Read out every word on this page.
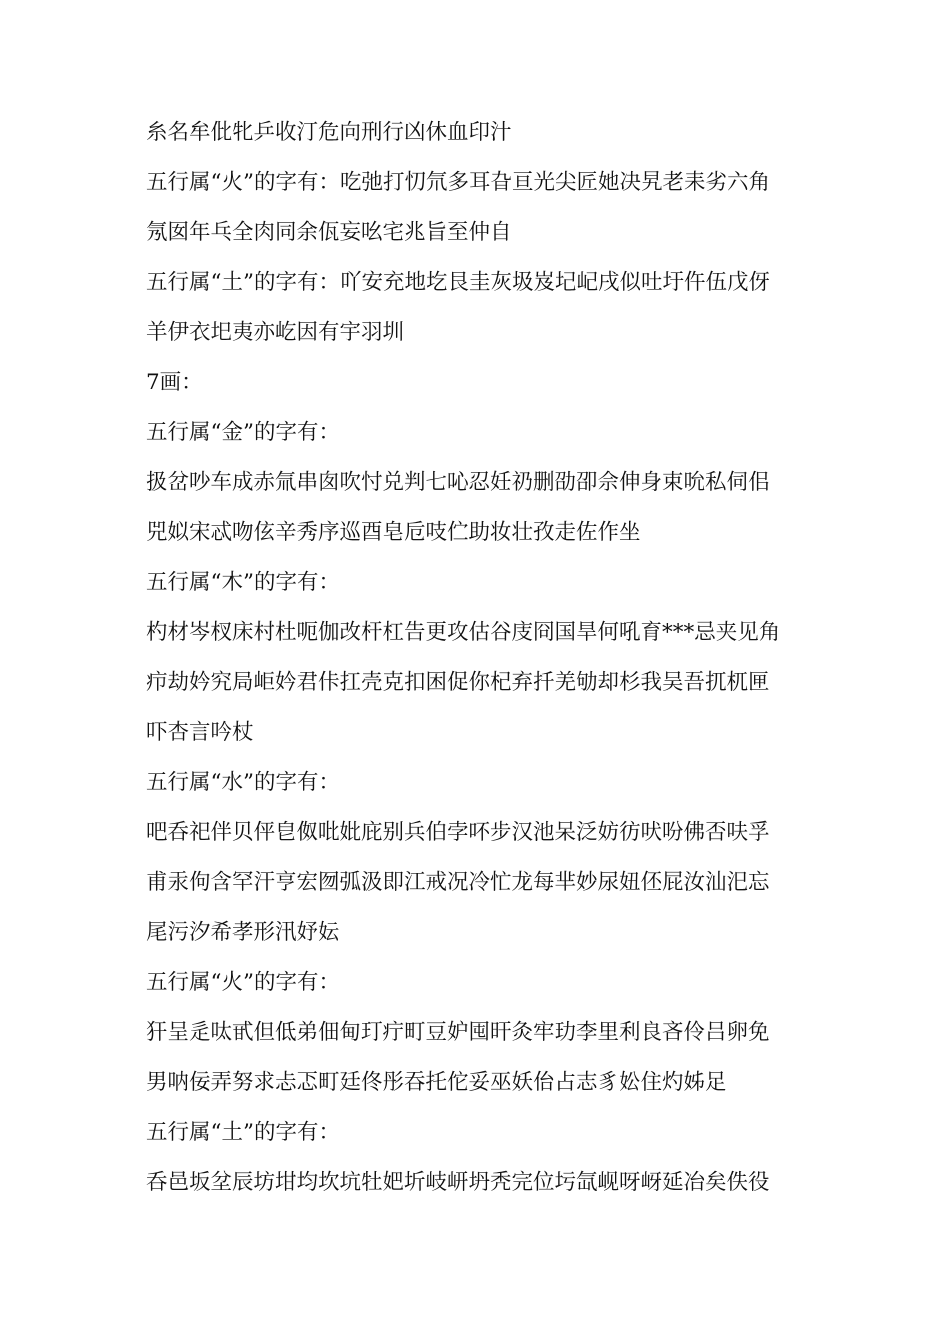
糸名牟仳牝乒收汀危向刑行凶休血印汁
五行属“火”的字有：吃弛打忉氘多耳旮亘光尖匠她决旯老耒劣六角
氖囡年乓全肉同余佤妄吆宅兆旨至仲自
五行属“土”的字有：吖安充地圪艮圭灰圾岌圮屺戌似吐圩仵伍戊伢
羊伊衣圯夷亦屹因有宇羽圳
7画：
五行属“金”的字有：
扱岔吵车成赤氚串囱吹忖兑判七吣忍妊礽删劭卲佘伸身束吮私伺佀
兕姒宋忒吻伭辛秀序巡酉皂卮吱伫助妆壮孜走佐作坐
五行属“木”的字有：
杓材岑杈床村杜呃伽改杆杠告更攻估谷庋冏国旱何吼育***忌夹见角
疖劫妗究局岠妗君佧扛壳克扣困促你杞弃扦羌劬却杉我吴吾扤杌匣
吓杏言吟杖
五行属“水”的字有：
吧呑祀伴贝伻皀伮吡妣庇别兵伯孛吥步汉池呆泛妨彷吠吩佛否呋孚
甫汞佝含罕汗亨宏囫弧汲即江戒况冷忙龙每芈妙尿妞伾屁汝汕汜忘
尾污汐希孝形汛妤妘
五行属“火”的字有：
犴呈辵呔甙但低弟佃甸玎疔町豆妒囤旰灸牢玏李里利良吝伶吕卵免
男呐佞弄努求忐忑町廷佟彤吞托佗妥巫妖佁占志豸妐住灼姊足
五行属“土”的字有：
呑邑坂坌辰坊坩均坎坑牡妑圻岐岍坍秃完位圬氙岘呀岈延冶矣佚役
